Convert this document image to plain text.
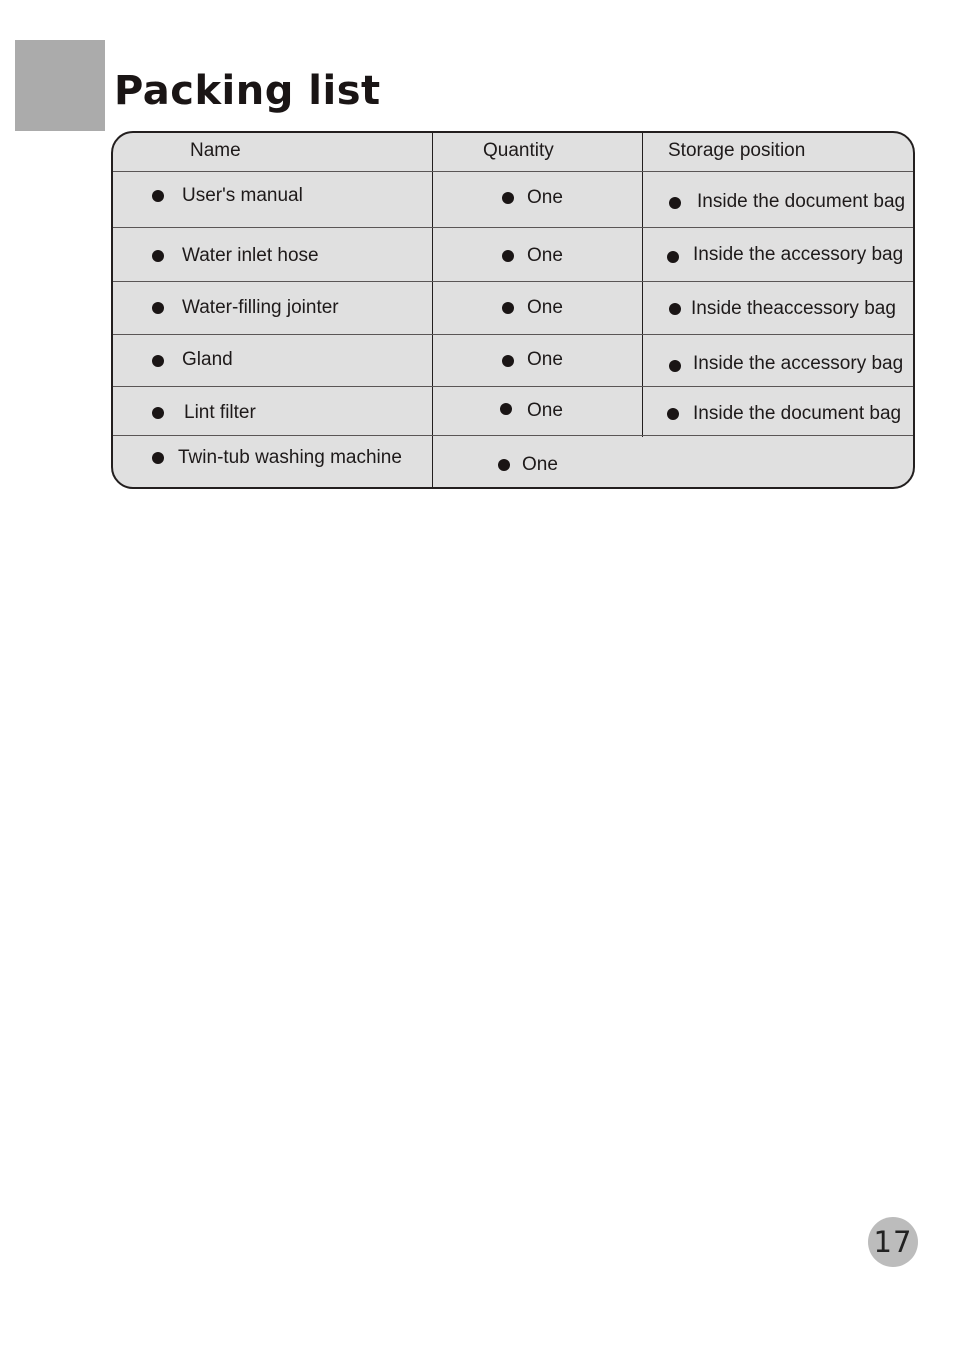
Packing list
Name	Quantity	Storage position
User's manual	One	Inside the document bag
Water inlet hose	One	Inside the accessory bag
Water-filling jointer	One	Inside theaccessory bag
Gland	One	Inside the accessory bag
Lint filter	One	Inside the document bag
Twin-tub washing machine	One
17
